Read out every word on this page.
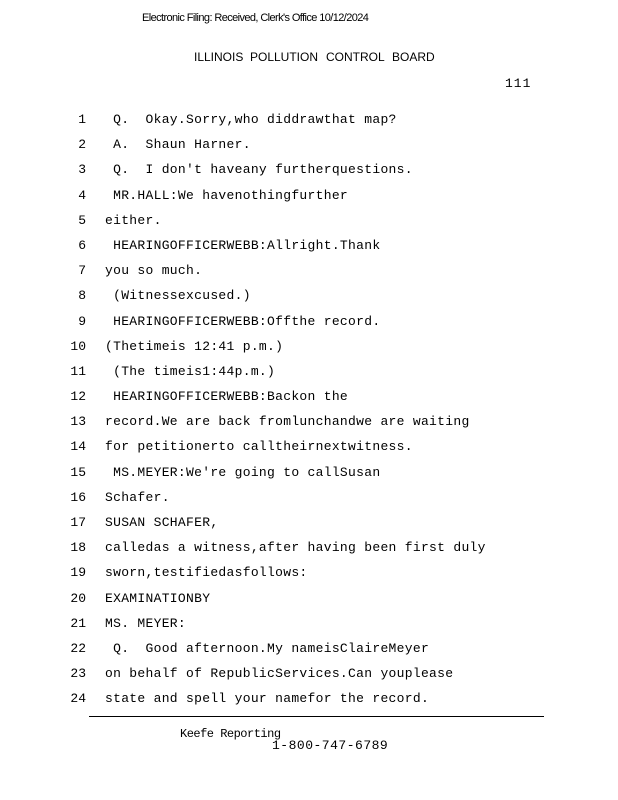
Electronic Filing: Received, Clerk's Office 10/12/2024
ILLINOIS POLLUTION CONTROL BOARD
111
1 Q.  Okay.Sorry,who diddrawthat map?
2 A.  Shaun Harner.
3 Q.  I don't haveany furtherquestions.
4 MR.HALL:We havenothingfurther
5 either.
6 HEARINGOFFICERWEBB:Allright.Thank
7 you so much.
8 (Witnessexcused.)
9 HEARINGOFFICERWEBB:Offthe record.
10 (Thetimeis 12:41 p.m.)
11 (The timeis1:44p.m.)
12 HEARINGOFFICERWEBB:Backon the
13 record.We are back fromlunchandwe are waiting
14 for petitionerto calltheirnextwitness.
15 MS.MEYER:We're going to callSusan
16 Schafer.
17 SUSAN SCHAFER,
18 calledas a witness,after having been first duly
19 sworn,testifiedasfollows:
20 EXAMINATIONBY
21 MS. MEYER:
22 Q.  Good afternoon.My nameisClaireMeyer
23 on behalf of RepublicServices.Can youplease
24 state and spell your namefor the record.
Keefe Reporting
1-800-747-6789
